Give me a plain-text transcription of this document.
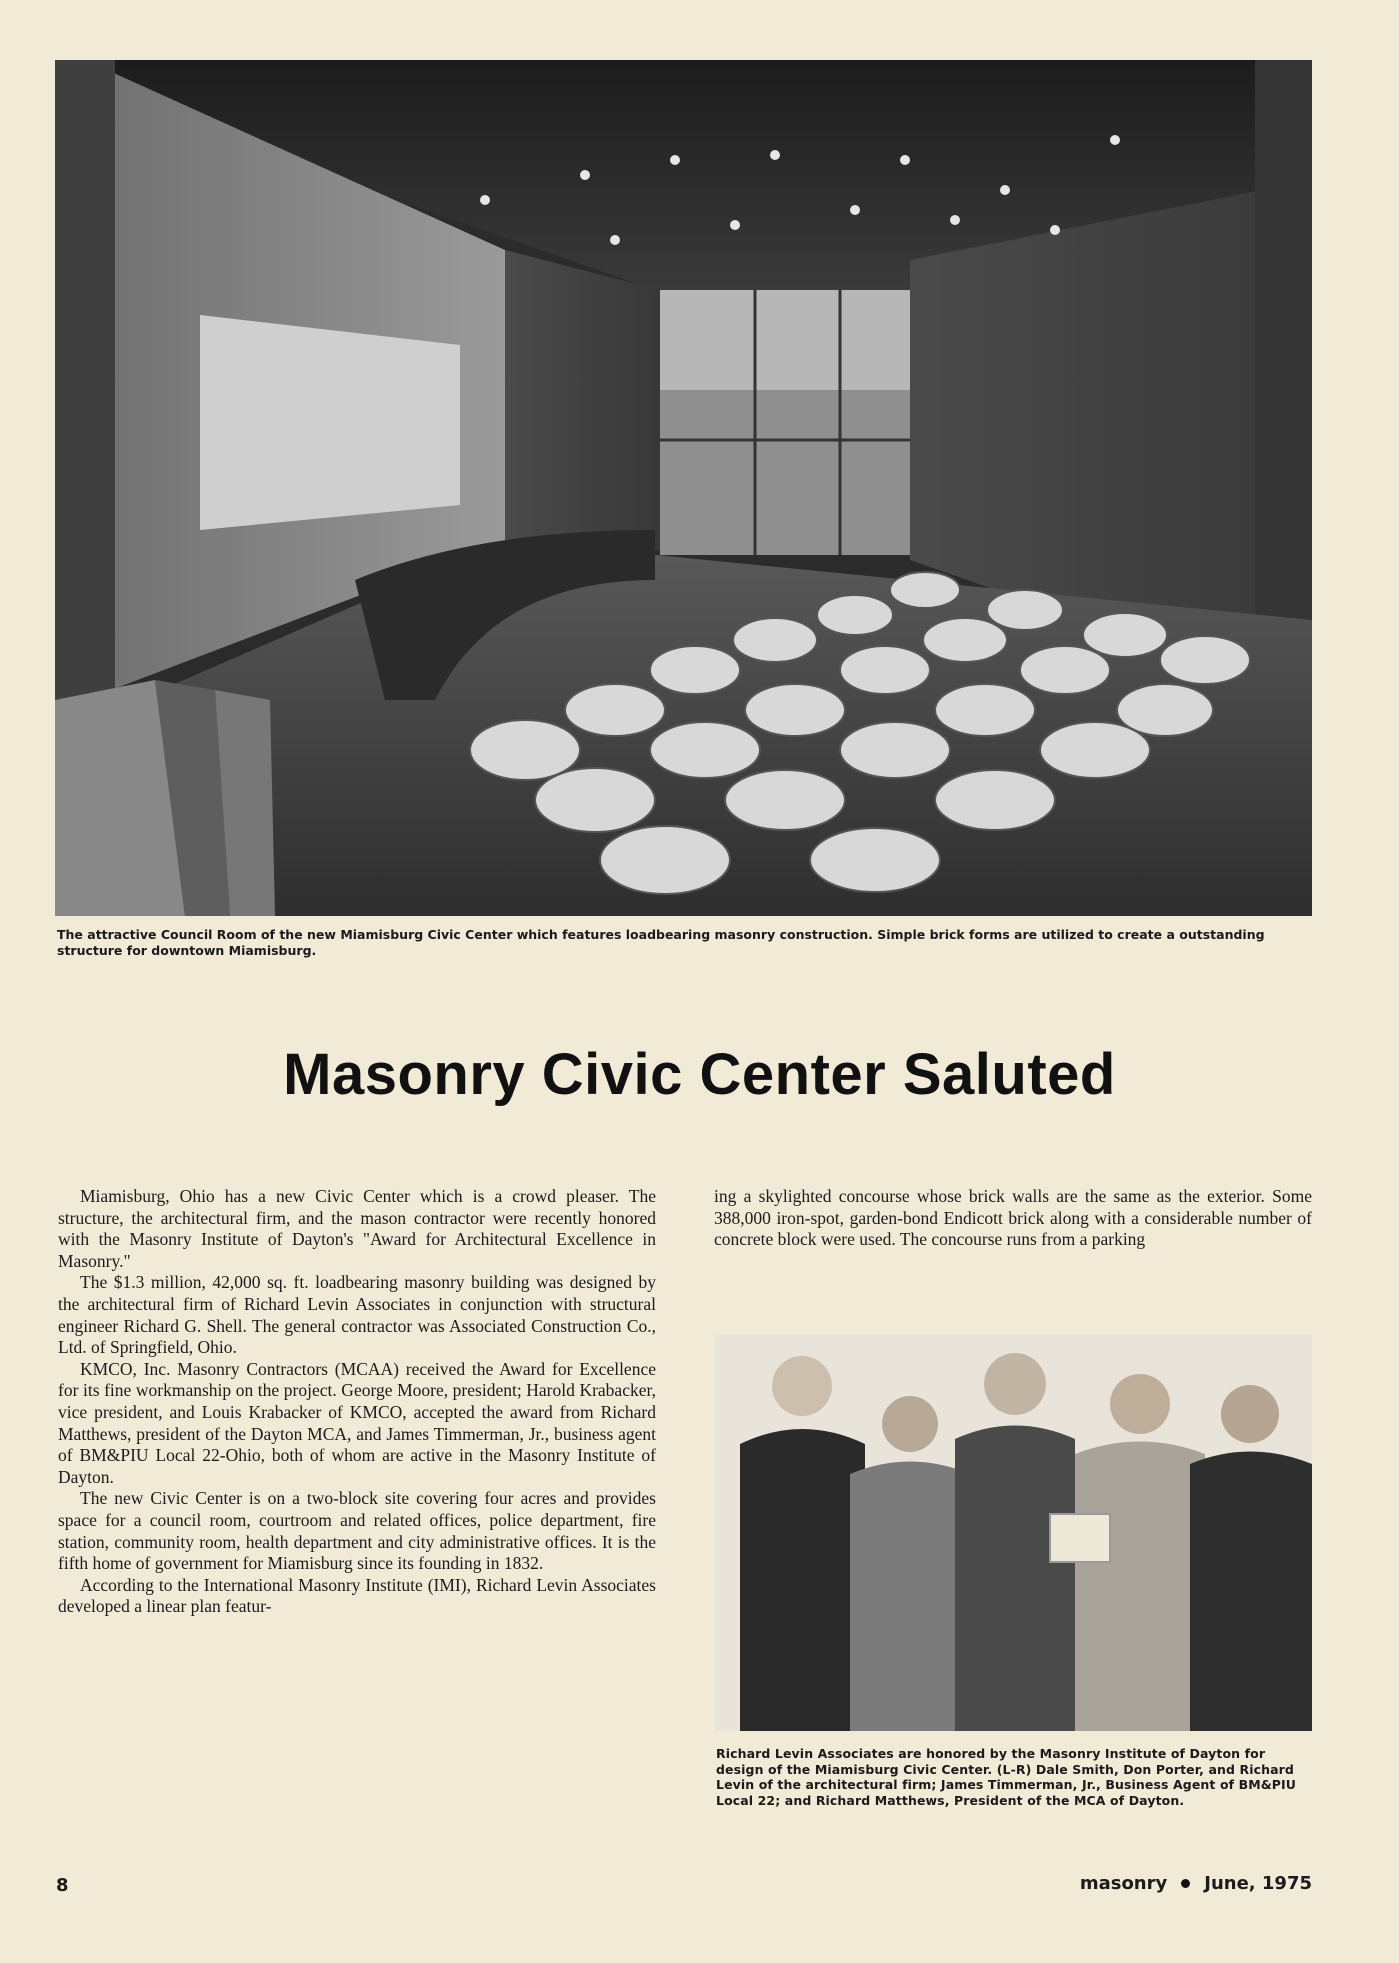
The attractive Council Room of the new Miamisburg Civic Center which features loadbearing masonry construction. Simple brick forms are utilized to create a outstanding structure for downtown Miamisburg.

Masonry Civic Center Saluted

Miamisburg, Ohio has a new Civic Center which is a crowd pleaser. The structure, the architectural firm, and the mason contractor were recently honored with the Masonry Institute of Dayton's "Award for Architectural Excellence in Masonry."

The $1.3 million, 42,000 sq. ft. loadbearing masonry building was designed by the architectural firm of Richard Levin Associates in conjunction with structural engineer Richard G. Shell. The general contractor was Associated Construction Co., Ltd. of Springfield, Ohio.

KMCO, Inc. Masonry Contractors (MCAA) received the Award for Excellence for its fine workmanship on the project. George Moore, president; Harold Krabacker, vice president, and Louis Krabacker of KMCO, accepted the award from Richard Matthews, president of the Dayton MCA, and James Timmerman, Jr., business agent of BM&PIU Local 22-Ohio, both of whom are active in the Masonry Institute of Dayton.

The new Civic Center is on a two-block site covering four acres and provides space for a council room, courtroom and related offices, police department, fire station, community room, health department and city administrative offices. It is the fifth home of government for Miamisburg since its founding in 1832.

According to the International Masonry Institute (IMI), Richard Levin Associates developed a linear plan featur-

ing a skylighted concourse whose brick walls are the same as the exterior. Some 388,000 iron-spot, garden-bond Endicott brick along with a considerable number of concrete block were used. The concourse runs from a parking

Richard Levin Associates are honored by the Masonry Institute of Dayton for design of the Miamisburg Civic Center. (L-R) Dale Smith, Don Porter, and Richard Levin of the architectural firm; James Timmerman, Jr., Business Agent of BM&PIU Local 22; and Richard Matthews, President of the MCA of Dayton.

8	masonry June, 1975
